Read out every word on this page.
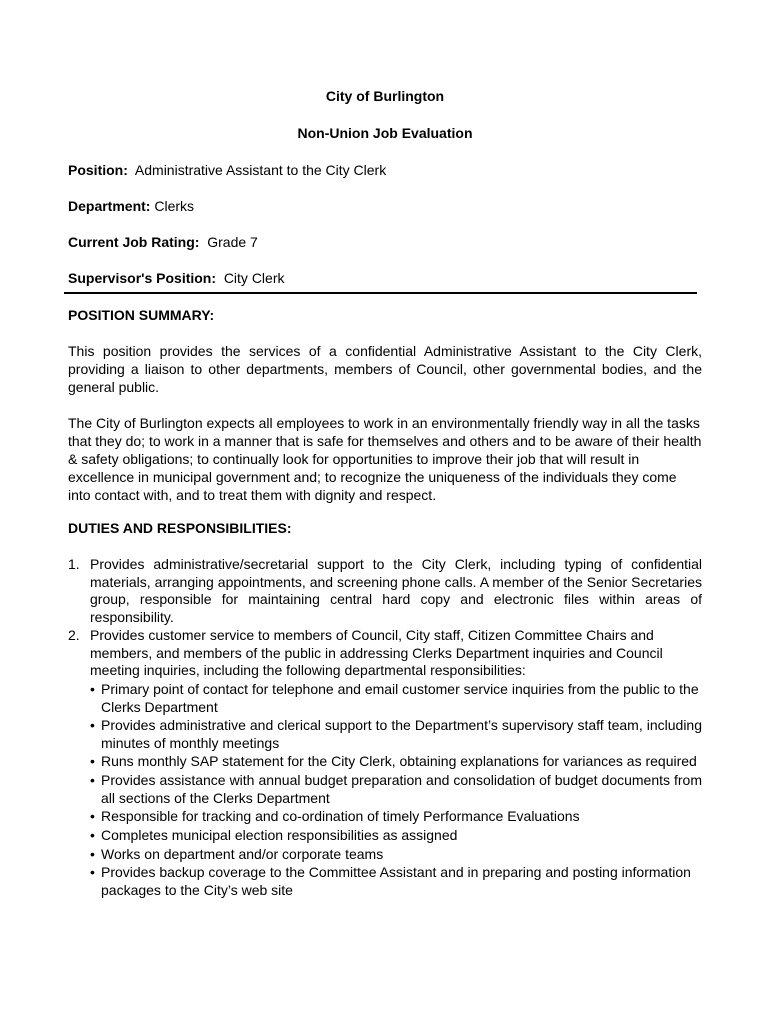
City of Burlington
Non-Union Job Evaluation
Position: Administrative Assistant to the City Clerk
Department: Clerks
Current Job Rating: Grade 7
Supervisor's Position: City Clerk
POSITION SUMMARY:

This position provides the services of a confidential Administrative Assistant to the City Clerk, providing a liaison to other departments, members of Council, other governmental bodies, and the general public.

The City of Burlington expects all employees to work in an environmentally friendly way in all the tasks that they do; to work in a manner that is safe for themselves and others and to be aware of their health & safety obligations; to continually look for opportunities to improve their job that will result in excellence in municipal government and; to recognize the uniqueness of the individuals they come into contact with, and to treat them with dignity and respect.

DUTIES AND RESPONSIBILITIES:
1. Provides administrative/secretarial support to the City Clerk, including typing of confidential materials, arranging appointments, and screening phone calls. A member of the Senior Secretaries group, responsible for maintaining central hard copy and electronic files within areas of responsibility.
2. Provides customer service to members of Council, City staff, Citizen Committee Chairs and members, and members of the public in addressing Clerks Department inquiries and Council meeting inquiries, including the following departmental responsibilities:
• Primary point of contact for telephone and email customer service inquiries from the public to the Clerks Department
• Provides administrative and clerical support to the Department’s supervisory staff team, including minutes of monthly meetings
• Runs monthly SAP statement for the City Clerk, obtaining explanations for variances as required
• Provides assistance with annual budget preparation and consolidation of budget documents from all sections of the Clerks Department
• Responsible for tracking and co-ordination of timely Performance Evaluations
• Completes municipal election responsibilities as assigned
• Works on department and/or corporate teams
• Provides backup coverage to the Committee Assistant and in preparing and posting information packages to the City’s web site
